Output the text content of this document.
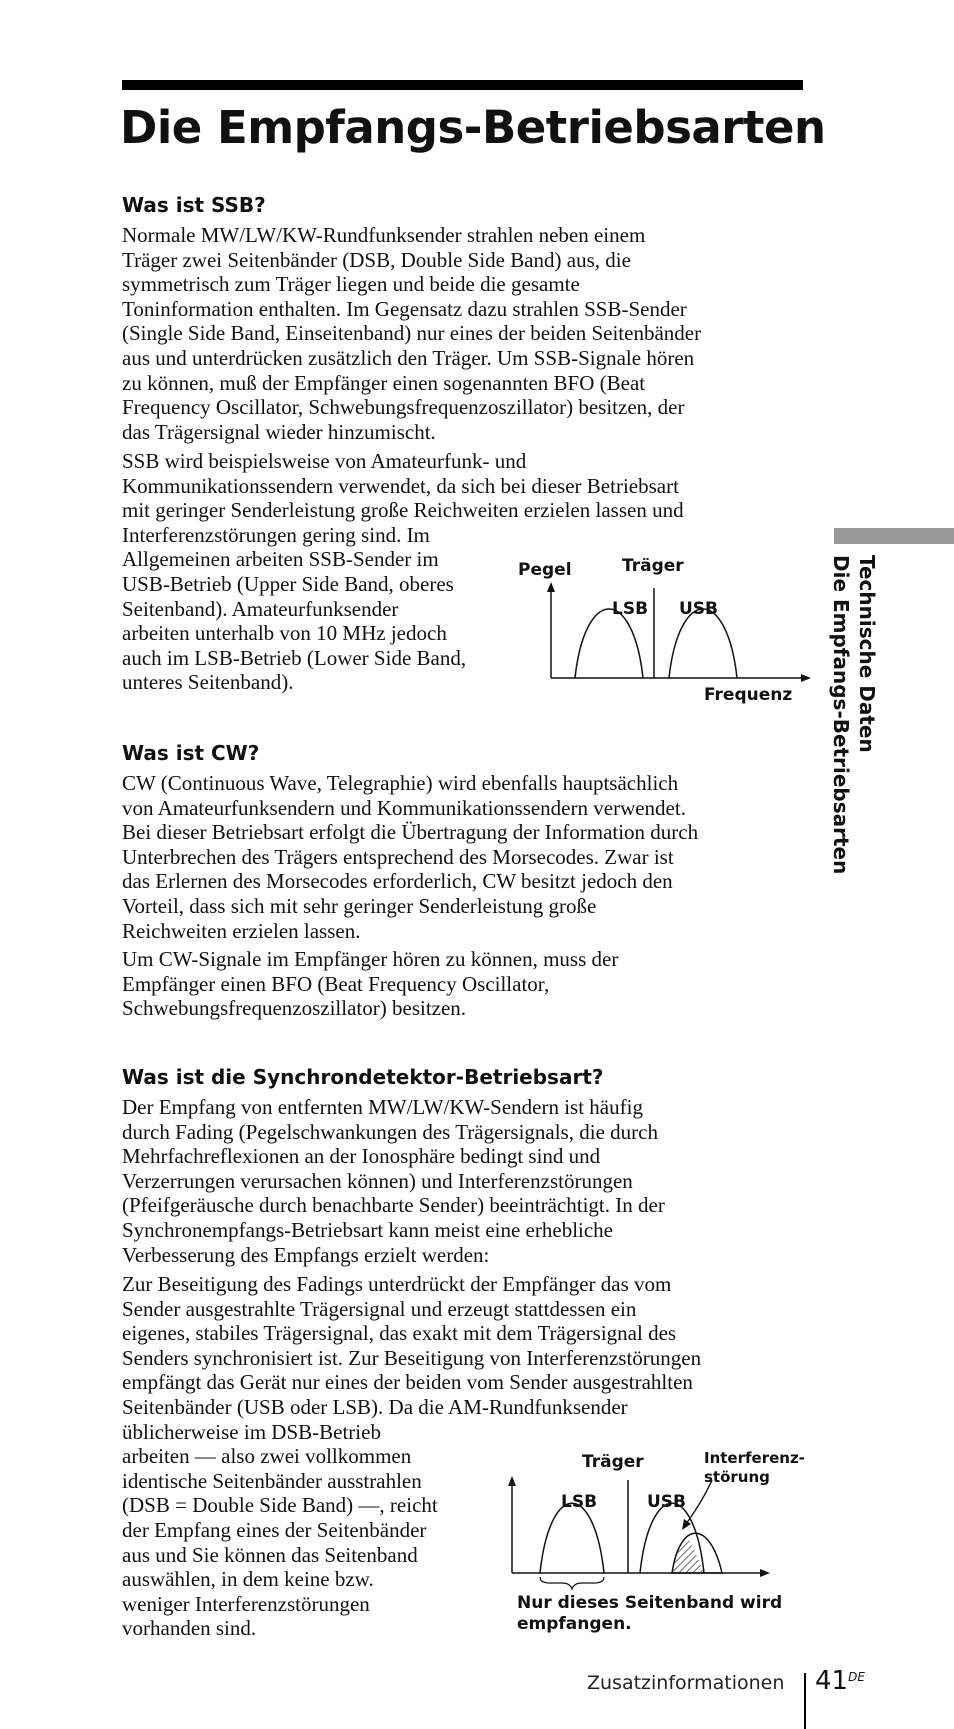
Die Empfangs-Betriebsarten
Technische Daten
Die Empfangs-Betriebsarten
Was ist SSB?

Normale MW/LW/KW-Rundfunksender strahlen neben einem
Träger zwei Seitenbänder (DSB, Double Side Band) aus, die
symmetrisch zum Träger liegen und beide die gesamte
Toninformation enthalten. Im Gegensatz dazu strahlen SSB-Sender
(Single Side Band, Einseitenband) nur eines der beiden Seitenbänder
aus und unterdrücken zusätzlich den Träger. Um SSB-Signale hören
zu können, muß der Empfänger einen sogenannten BFO (Beat
Frequency Oscillator, Schwebungsfrequenzoszillator) besitzen, der
das Trägersignal wieder hinzumischt.

SSB wird beispielsweise von Amateurfunk- und
Kommunikationssendern verwendet, da sich bei dieser Betriebsart
mit geringer Senderleistung große Reichweiten erzielen lassen und
Interferenzstörungen gering sind. Im
Allgemeinen arbeiten SSB-Sender im
USB-Betrieb (Upper Side Band, oberes
Seitenband). Amateurfunksender
arbeiten unterhalb von 10 MHz jedoch
auch im LSB-Betrieb (Lower Side Band,
unteres Seitenband).

Pegel	Träger
LSB USB
Frequenz
Was ist CW?

CW (Continuous Wave, Telegraphie) wird ebenfalls hauptsächlich
von Amateurfunksendern und Kommunikationssendern verwendet.
Bei dieser Betriebsart erfolgt die Übertragung der Information durch
Unterbrechen des Trägers entsprechend des Morsecodes. Zwar ist
das Erlernen des Morsecodes erforderlich, CW besitzt jedoch den
Vorteil, dass sich mit sehr geringer Senderleistung große
Reichweiten erzielen lassen.

Um CW-Signale im Empfänger hören zu können, muss der
Empfänger einen BFO (Beat Frequency Oscillator,
Schwebungsfrequenzoszillator) besitzen.

Was ist die Synchrondetektor-Betriebsart?

Der Empfang von entfernten MW/LW/KW-Sendern ist häufig
durch Fading (Pegelschwankungen des Trägersignals, die durch
Mehrfachreflexionen an der Ionosphäre bedingt sind und
Verzerrungen verursachen können) und Interferenzstörungen
(Pfeifgeräusche durch benachbarte Sender) beeinträchtigt. In der
Synchronempfangs-Betriebsart kann meist eine erhebliche
Verbesserung des Empfangs erzielt werden:

Zur Beseitigung des Fadings unterdrückt der Empfänger das vom
Sender ausgestrahlte Trägersignal und erzeugt stattdessen ein
eigenes, stabiles Trägersignal, das exakt mit dem Trägersignal des
Senders synchronisiert ist. Zur Beseitigung von Interferenzstörungen
empfängt das Gerät nur eines der beiden vom Sender ausgestrahlten
Seitenbänder (USB oder LSB). Da die AM-Rundfunksender
üblicherweise im DSB-Betrieb
arbeiten — also zwei vollkommen
identische Seitenbänder ausstrahlen
(DSB = Double Side Band) —, reicht
der Empfang eines der Seitenbänder
aus und Sie können das Seitenband
auswählen, in dem keine bzw.
weniger Interferenzstörungen
vorhanden sind.

Träger
LSB	USB
Interferenz-
störung
Nur dieses Seitenband wird
empfangen.
Zusatzinformationen 41DE
